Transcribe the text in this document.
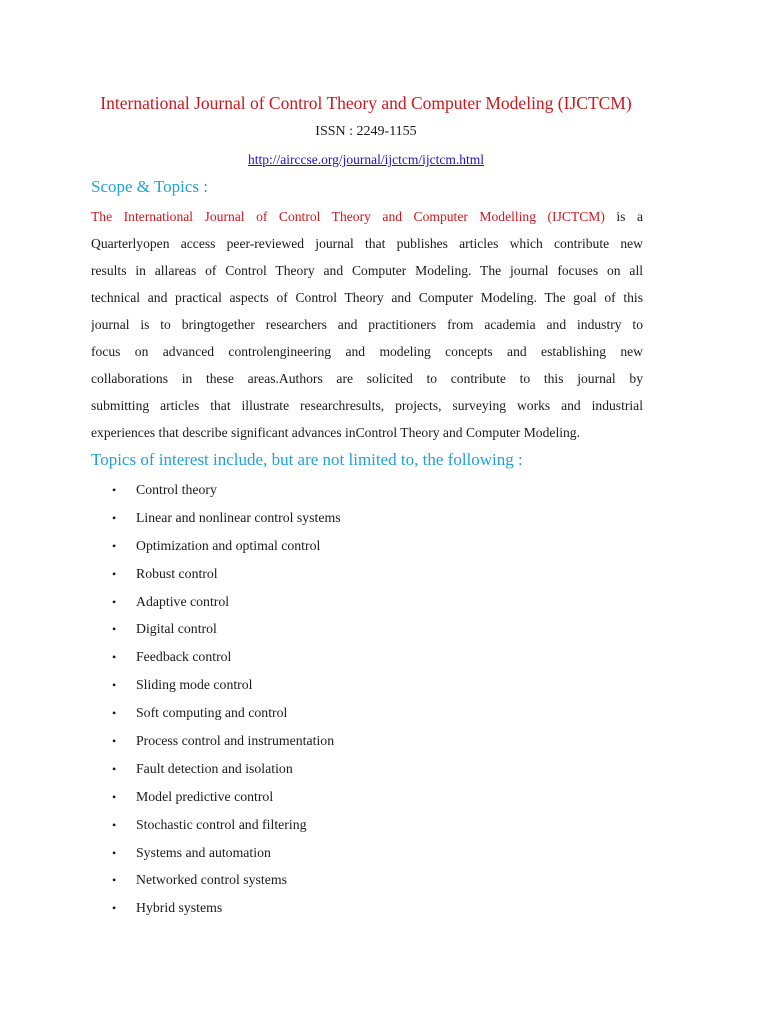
International Journal of Control Theory and Computer Modeling (IJCTCM)
ISSN : 2249-1155
http://airccse.org/journal/ijctcm/ijctcm.html
Scope & Topics :
The International Journal of Control Theory and Computer Modelling (IJCTCM) is a
Quarterlyopen access peer-reviewed journal that publishes articles which contribute new
results in allareas of Control Theory and Computer Modeling. The journal focuses on all
technical and practical aspects of Control Theory and Computer Modeling. The goal of this
journal is to bringtogether researchers and practitioners from academia and industry to
focus on advanced controlengineering and modeling concepts and establishing new
collaborations in these areas.Authors are solicited to contribute to this journal by
submitting articles that illustrate researchresults, projects, surveying works and industrial
experiences that describe significant advances inControl Theory and Computer Modeling.
Topics of interest include, but are not limited to, the following :
• Control theory
• Linear and nonlinear control systems
• Optimization and optimal control
• Robust control
• Adaptive control
• Digital control
• Feedback control
• Sliding mode control
• Soft computing and control
• Process control and instrumentation
• Fault detection and isolation
• Model predictive control
• Stochastic control and filtering
• Systems and automation
• Networked control systems
• Hybrid systems
